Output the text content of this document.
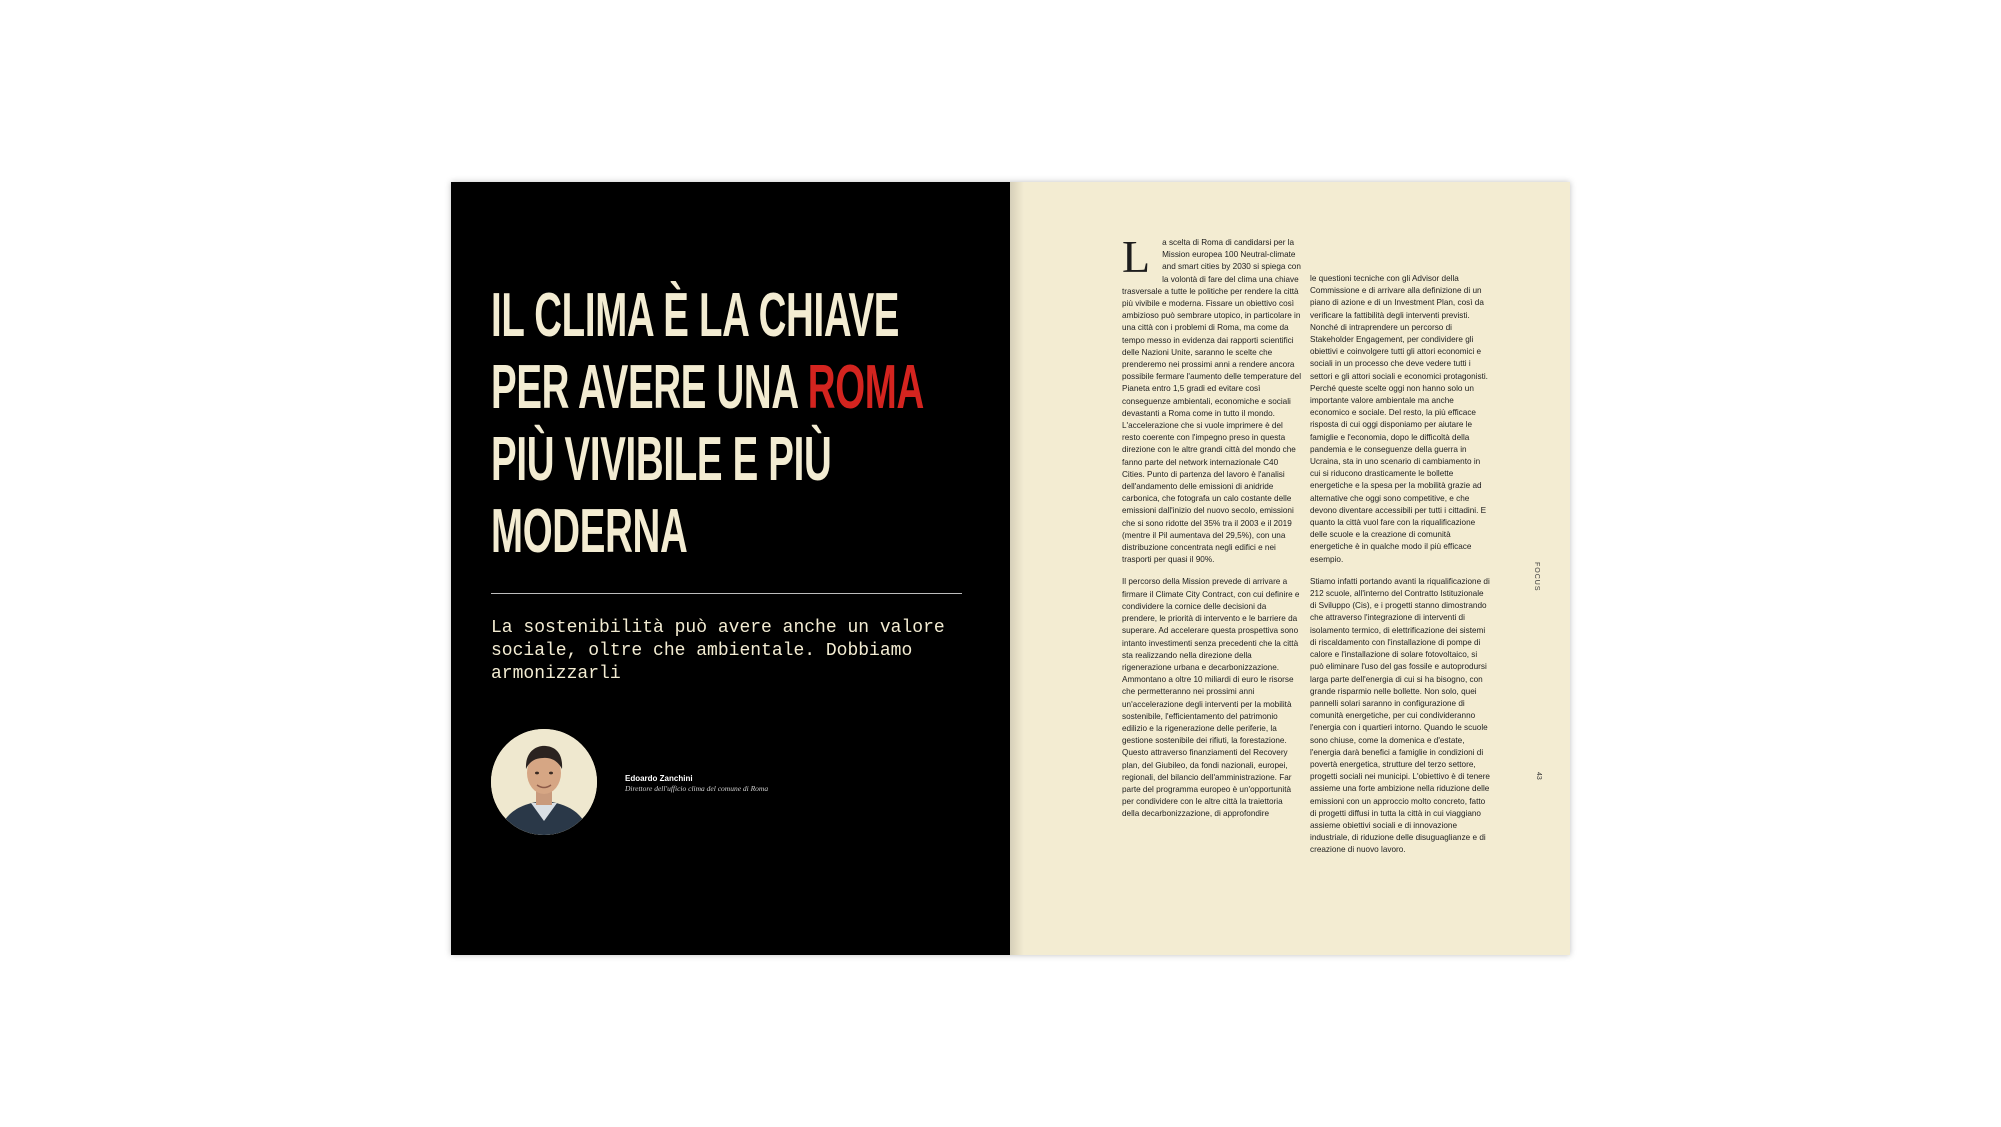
IL CLIMA È LA CHIAVE PER AVERE UNA ROMA PIÙ VIVIBILE E PIÙ MODERNA

La sostenibilità può avere anche un valore sociale, oltre che ambientale. Dobbiamo armonizzarli

Edoardo Zanchini
Direttore dell'ufficio clima del comune di Roma

L a scelta di Roma di candidarsi per la Mission europea 100 Neutral-climate and smart cities by 2030 si spiega con la volontà di fare del clima una chiave trasversale a tutte le politiche per rendere la città più vivibile e moderna. Fissare un obiettivo così ambizioso può sembrare utopico, in particolare in una città con i problemi di Roma, ma come da tempo messo in evidenza dai rapporti scientifici delle Nazioni Unite, saranno le scelte che prenderemo nei prossimi anni a rendere ancora possibile fermare l'aumento delle temperature del Pianeta entro 1,5 gradi ed evitare così conseguenze ambientali, economiche e sociali devastanti a Roma come in tutto il mondo. L'accelerazione che si vuole imprimere è del resto coerente con l'impegno preso in questa direzione con le altre grandi città del mondo che fanno parte del network internazionale C40 Cities. Punto di partenza del lavoro è l'analisi dell'andamento delle emissioni di anidride carbonica, che fotografa un calo costante delle emissioni dall'inizio del nuovo secolo, emissioni che si sono ridotte del 35% tra il 2003 e il 2019 (mentre il Pil aumentava del 29,5%), con una distribuzione concentrata negli edifici e nei trasporti per quasi il 90%.

Il percorso della Mission prevede di arrivare a firmare il Climate City Contract, con cui definire e condividere la cornice delle decisioni da prendere, le priorità di intervento e le barriere da superare. Ad accelerare questa prospettiva sono intanto investimenti senza precedenti che la città sta realizzando nella direzione della rigenerazione urbana e decarbonizzazione. Ammontano a oltre 10 miliardi di euro le risorse che permetteranno nei prossimi anni un'accelerazione degli interventi per la mobilità sostenibile, l'efficientamento del patrimonio edilizio e la rigenerazione delle periferie, la gestione sostenibile dei rifiuti, la forestazione. Questo attraverso finanziamenti del Recovery plan, del Giubileo, da fondi nazionali, europei, regionali, del bilancio dell'amministrazione. Far parte del programma europeo è un'opportunità per condividere con le altre città la traiettoria della decarbonizzazione, di approfondire

le questioni tecniche con gli Advisor della Commissione e di arrivare alla definizione di un piano di azione e di un Investment Plan, così da verificare la fattibilità degli interventi previsti. Nonché di intraprendere un percorso di Stakeholder Engagement, per condividere gli obiettivi e coinvolgere tutti gli attori economici e sociali in un processo che deve vedere tutti i settori e gli attori sociali e economici protagonisti. Perché queste scelte oggi non hanno solo un importante valore ambientale ma anche economico e sociale. Del resto, la più efficace risposta di cui oggi disponiamo per aiutare le famiglie e l'economia, dopo le difficoltà della pandemia e le conseguenze della guerra in Ucraina, sta in uno scenario di cambiamento in cui si riducono drasticamente le bollette energetiche e la spesa per la mobilità grazie ad alternative che oggi sono competitive, e che devono diventare accessibili per tutti i cittadini. E quanto la città vuol fare con la riqualificazione delle scuole e la creazione di comunità energetiche è in qualche modo il più efficace esempio.

Stiamo infatti portando avanti la riqualificazione di 212 scuole, all'interno del Contratto Istituzionale di Sviluppo (Cis), e i progetti stanno dimostrando che attraverso l'integrazione di interventi di isolamento termico, di elettrificazione dei sistemi di riscaldamento con l'installazione di pompe di calore e l'installazione di solare fotovoltaico, si può eliminare l'uso del gas fossile e autoprodursi larga parte dell'energia di cui si ha bisogno, con grande risparmio nelle bollette. Non solo, quei pannelli solari saranno in configurazione di comunità energetiche, per cui condivideranno l'energia con i quartieri intorno. Quando le scuole sono chiuse, come la domenica e d'estate, l'energia darà benefici a famiglie in condizioni di povertà energetica, strutture del terzo settore, progetti sociali nei municipi. L'obiettivo è di tenere assieme una forte ambizione nella riduzione delle emissioni con un approccio molto concreto, fatto di progetti diffusi in tutta la città in cui viaggiano assieme obiettivi sociali e di innovazione industriale, di riduzione delle disuguaglianze e di creazione di nuovo lavoro.

FOCUS
43
